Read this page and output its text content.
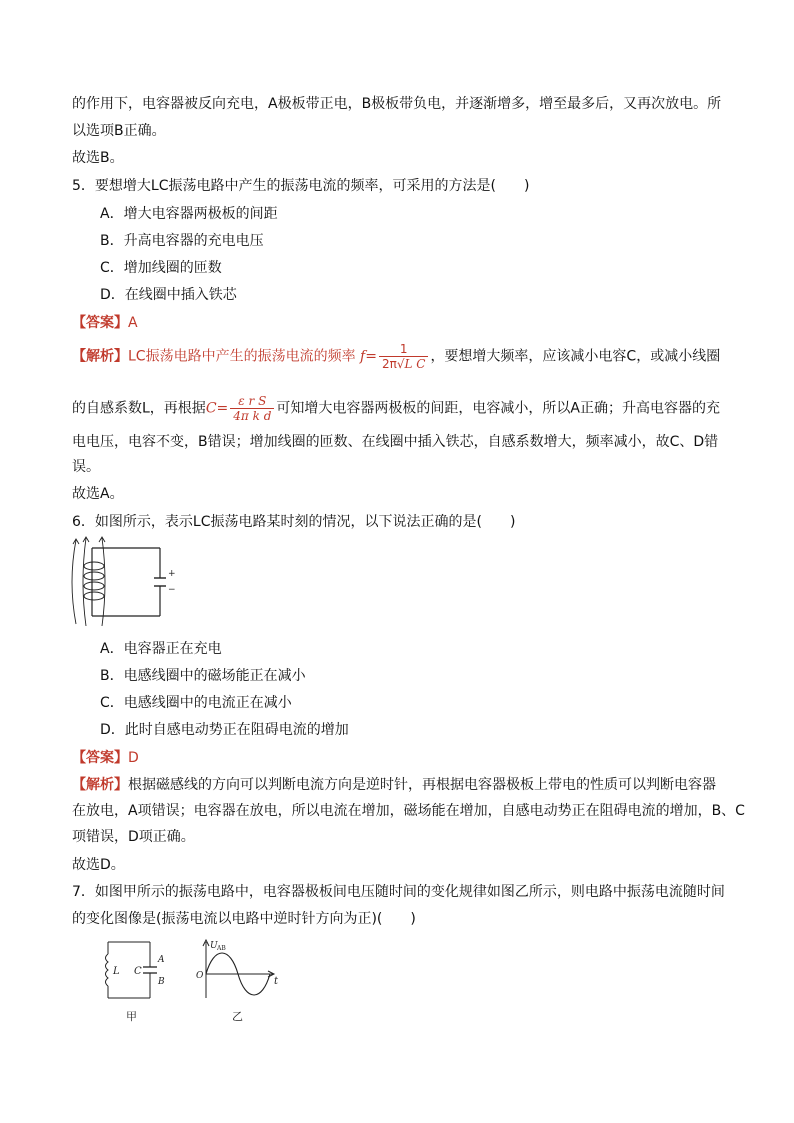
的作用下，电容器被反向充电，A极板带正电，B极板带负电，并逐渐增多，增至最多后，又再次放电。所
以选项B正确。
故选B。
5．要想增大LC振荡电路中产生的振荡电流的频率，可采用的方法是(　　)
A．增大电容器两极板的间距
B．升高电容器的充电电压
C．增加线圈的匝数
D．在线圈中插入铁芯
【答案】A
【解析】LC振荡电路中产生的振荡电流的频率 $f= \frac{1}{\text{2π√L C}}$ ，要想增大频率，应该减小电容C，或减小线圈
的自感系数L，再根据$C= \frac{\text{ε r S}}{\text{4π k d}}$ 可知增大电容器两极板的间距，电容减小，所以A正确；升高电容器的充
电电压，电容不变，B错误；增加线圈的匝数、在线圈中插入铁芯，自感系数增大，频率减小，故C、D错
误。
故选A。
6．如图所示，表示LC振荡电路某时刻的情况，以下说法正确的是(　　)
+
−
A．电容器正在充电
B．电感线圈中的磁场能正在减小
C．电感线圈中的电流正在减小
D．此时自感电动势正在阻碍电流的增加
【答案】D
【解析】根据磁感线的方向可以判断电流方向是逆时针，再根据电容器极板上带电的性质可以判断电容器
在放电，A项错误；电容器在放电，所以电流在增加，磁场能在增加，自感电动势正在阻碍电流的增加，B、C
项错误，D项正确。
故选D。
7．如图甲所示的振荡电路中，电容器极板间电压随时间的变化规律如图乙所示，则电路中振荡电流随时间
的变化图像是(振荡电流以电路中逆时针方向为正)(　　)
L C
A
B
甲
U AB
O	t
乙
